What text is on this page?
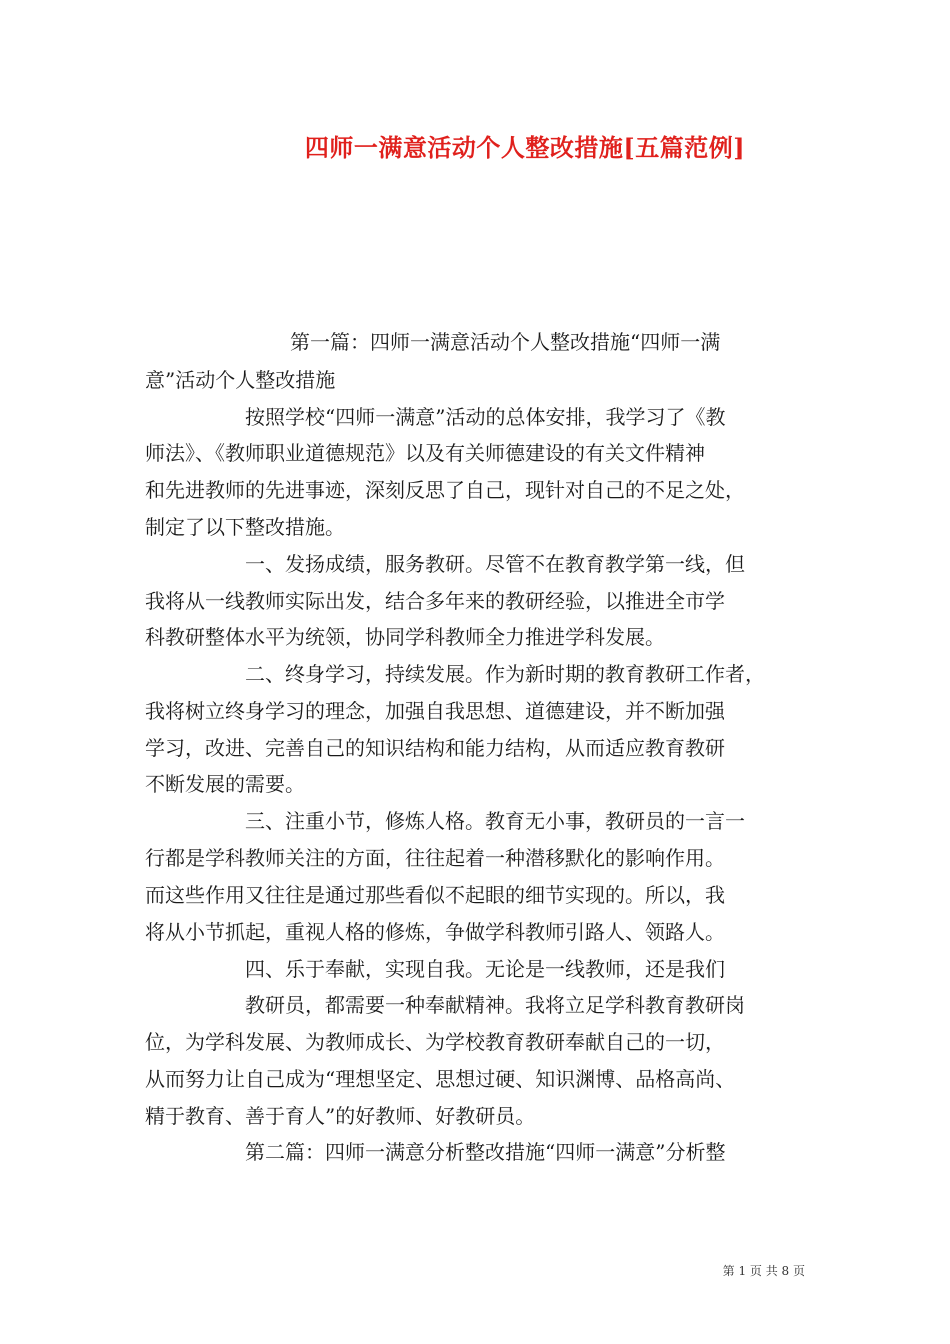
四师一满意活动个人整改措施[五篇范例]
第一篇：四师一满意活动个人整改措施“四师一满
意”活动个人整改措施
按照学校“四师一满意”活动的总体安排，我学习了《教
师法》、《教师职业道德规范》以及有关师德建设的有关文件精神
和先进教师的先进事迹，深刻反思了自己，现针对自己的不足之处，
制定了以下整改措施。
一、发扬成绩，服务教研。尽管不在教育教学第一线，但
我将从一线教师实际出发，结合多年来的教研经验，以推进全市学
科教研整体水平为统领，协同学科教师全力推进学科发展。
二、终身学习，持续发展。作为新时期的教育教研工作者，
我将树立终身学习的理念，加强自我思想、道德建设，并不断加强
学习，改进、完善自己的知识结构和能力结构，从而适应教育教研
不断发展的需要。
三、注重小节，修炼人格。教育无小事，教研员的一言一
行都是学科教师关注的方面，往往起着一种潜移默化的影响作用。
而这些作用又往往是通过那些看似不起眼的细节实现的。所以，我
将从小节抓起，重视人格的修炼，争做学科教师引路人、领路人。
四、乐于奉献，实现自我。无论是一线教师，还是我们
教研员，都需要一种奉献精神。我将立足学科教育教研岗
位，为学科发展、为教师成长、为学校教育教研奉献自己的一切，
从而努力让自己成为“理想坚定、思想过硬、知识渊博、品格高尚、
精于教育、善于育人”的好教师、好教研员。
第二篇：四师一满意分析整改措施“四师一满意”分析整
第 1 页 共 8 页
